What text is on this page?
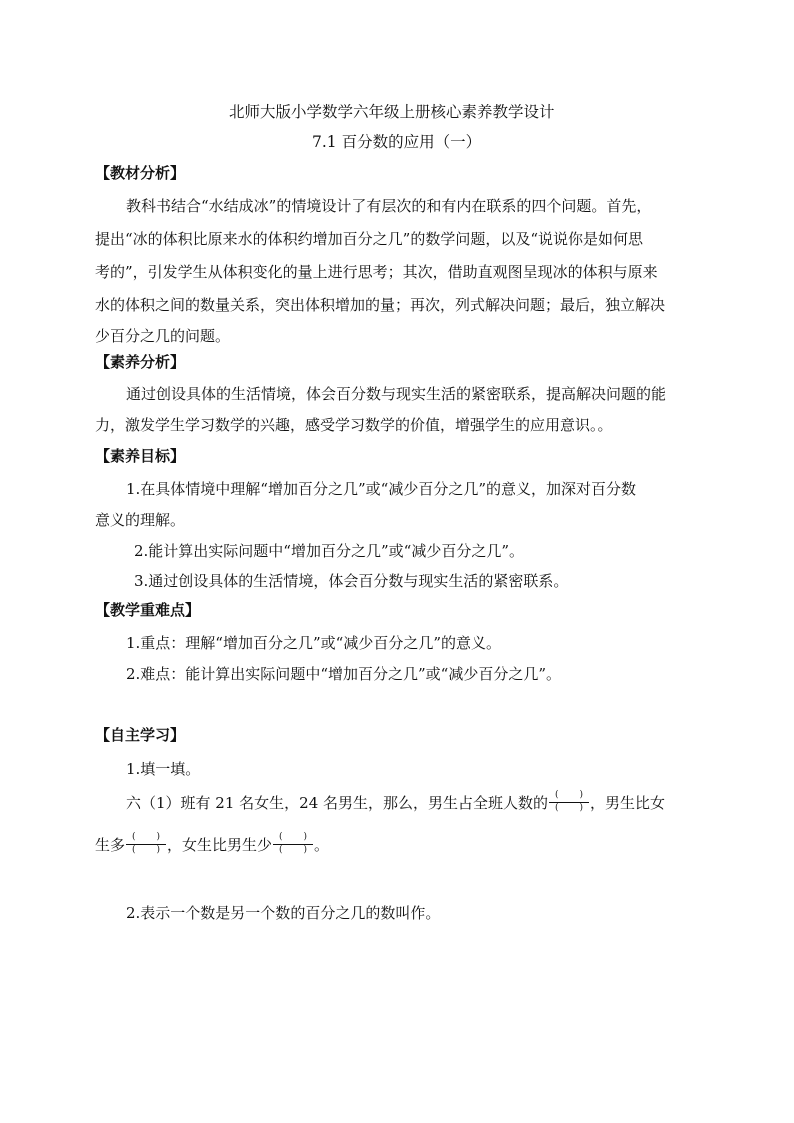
北师大版小学数学六年级上册核心素养教学设计
7.1 百分数的应用（一）
【教材分析】
教科书结合“水结成冰”的情境设计了有层次的和有内在联系的四个问题。首先，
提出“冰的体积比原来水的体积约增加百分之几”的数学问题，以及“说说你是如何思
考的”，引发学生从体积变化的量上进行思考；其次，借助直观图呈现冰的体积与原来
水的体积之间的数量关系，突出体积增加的量；再次，列式解决问题；最后，独立解决
少百分之几的问题。
【素养分析】
通过创设具体的生活情境，体会百分数与现实生活的紧密联系，提高解决问题的能
力，激发学生学习数学的兴趣，感受学习数学的价值，增强学生的应用意识。。
【素养目标】
1.在具体情境中理解“增加百分之几”或“减少百分之几”的意义，加深对百分数
意义的理解。
2.能计算出实际问题中“增加百分之几”或“减少百分之几”。
3.通过创设具体的生活情境，体会百分数与现实生活的紧密联系。
【教学重难点】
1.重点：理解“增加百分之几”或“减少百分之几”的意义。
2.难点：能计算出实际问题中“增加百分之几”或“减少百分之几”。
【自主学习】
1.填一填。
六（1）班有 21 名女生，24 名男生，那么，男生占全班人数的 $\frac{( )}{( )}$ ，男生比女
生多 $\frac{( )}{( )}$ ，女生比男生少 $\frac{( )}{( )}$ 。
2.表示一个数是另一个数的百分之几的数叫作。
